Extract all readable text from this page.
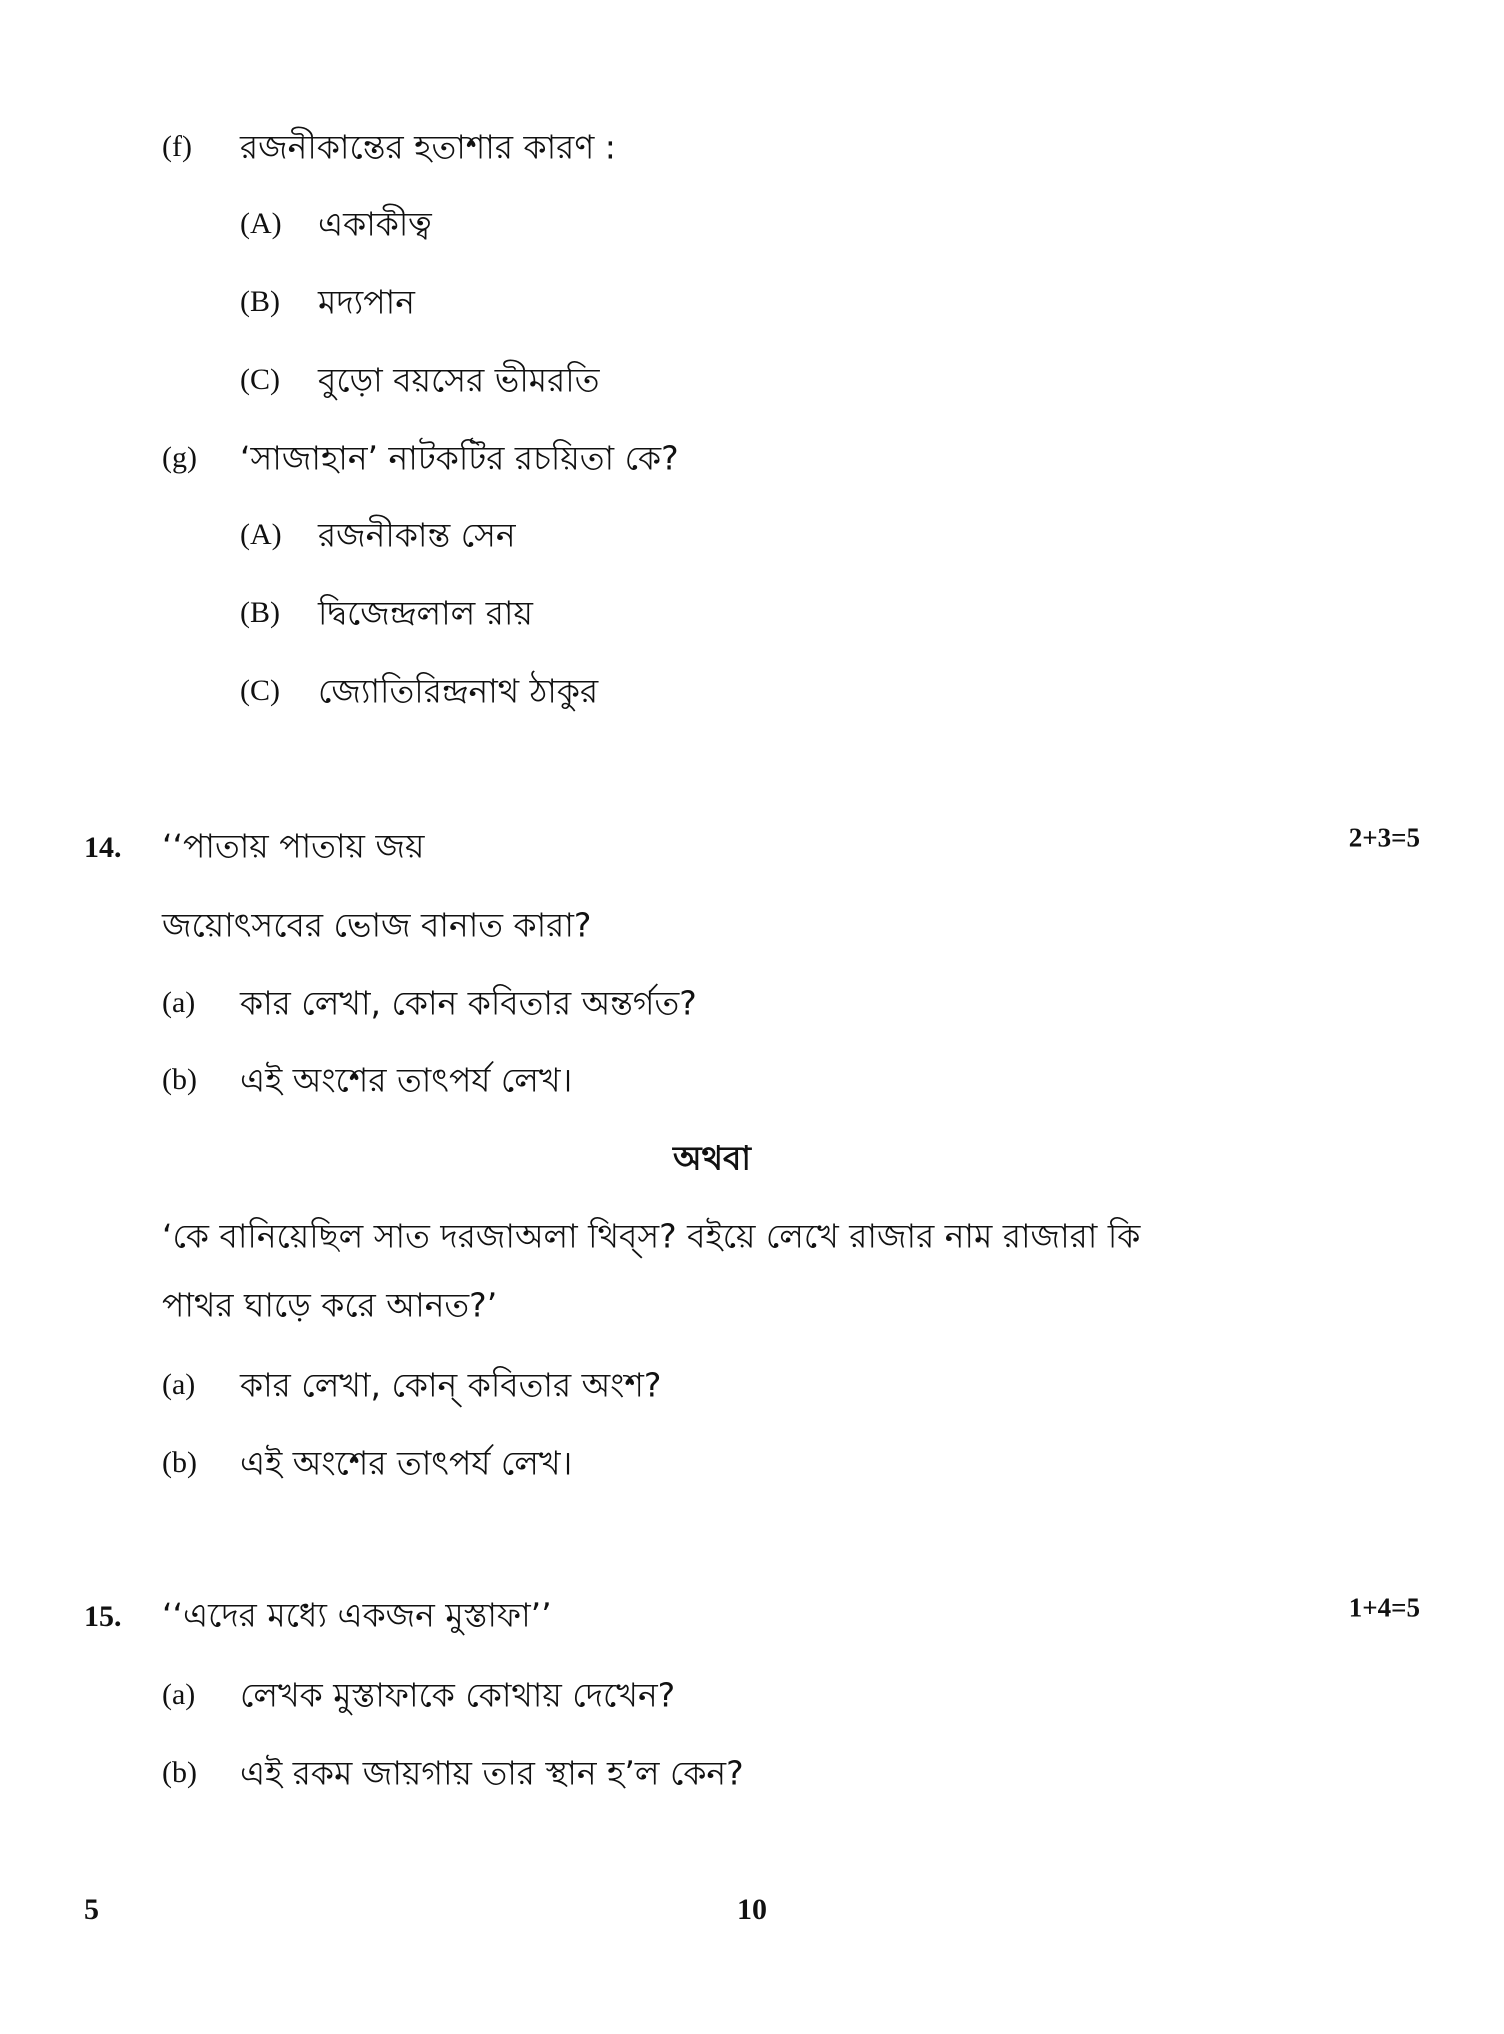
(f) রজনীকান্তের হতাশার কারণ :
(A) একাকীত্ব
(B) মদ্যপান
(C) বুড়ো বয়সের ভীমরতি
(g) ‘সাজাহান’ নাটকটির রচয়িতা কে?
(A) রজনীকান্ত সেন
(B) দ্বিজেন্দ্রলাল রায়
(C) জ্যোতিরিন্দ্রনাথ ঠাকুর
14. ‘‘পাতায় পাতায় জয়	2+3=5
জয়োৎসবের ভোজ বানাত কারা?
(a) কার লেখা, কোন কবিতার অন্তর্গত?
(b) এই অংশের তাৎপর্য লেখ।
অথবা
‘কে বানিয়েছিল সাত দরজাঅলা থিব্‌স? বইয়ে লেখে রাজার নাম রাজারা কি
পাথর ঘাড়ে করে আনত?’
(a) কার লেখা, কোন্‌ কবিতার অংশ?
(b) এই অংশের তাৎপর্য লেখ।
15. ‘‘এদের মধ্যে একজন মুস্তাফা’’	1+4=5
(a) লেখক মুস্তাফাকে কোথায় দেখেন?
(b) এই রকম জায়গায় তার স্থান হ’ল কেন?
5	10
